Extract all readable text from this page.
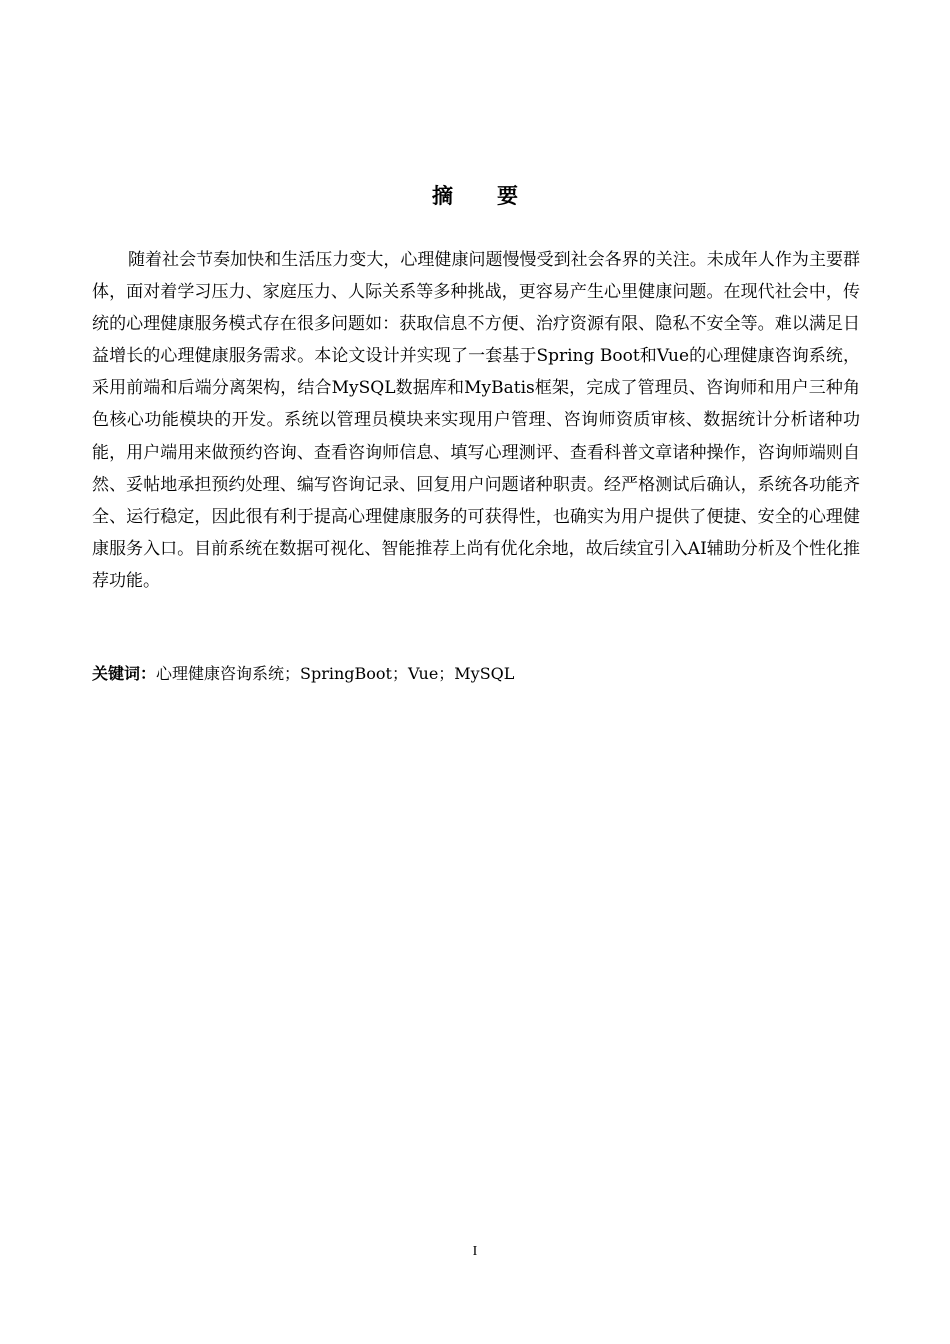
摘要

随着社会节奏加快和生活压力变大，心理健康问题慢慢受到社会各界的关注。未成年人作为主要群体，面对着学习压力、家庭压力、人际关系等多种挑战，更容易产生心里健康问题。在现代社会中，传统的心理健康服务模式存在很多问题如：获取信息不方便、治疗资源有限、隐私不安全等。难以满足日益增长的心理健康服务需求。本论文设计并实现了一套基于Spring Boot和Vue的心理健康咨询系统，采用前端和后端分离架构，结合MySQL数据库和MyBatis框架，完成了管理员、咨询师和用户三种角色核心功能模块的开发。系统以管理员模块来实现用户管理、咨询师资质审核、数据统计分析诸种功能，用户端用来做预约咨询、查看咨询师信息、填写心理测评、查看科普文章诸种操作，咨询师端则自然、妥帖地承担预约处理、编写咨询记录、回复用户问题诸种职责。经严格测试后确认，系统各功能齐全、运行稳定，因此很有利于提高心理健康服务的可获得性，也确实为用户提供了便捷、安全的心理健康服务入口。目前系统在数据可视化、智能推荐上尚有优化余地，故后续宜引入AI辅助分析及个性化推荐功能。

关键词：心理健康咨询系统；SpringBoot；Vue；MySQL

I
